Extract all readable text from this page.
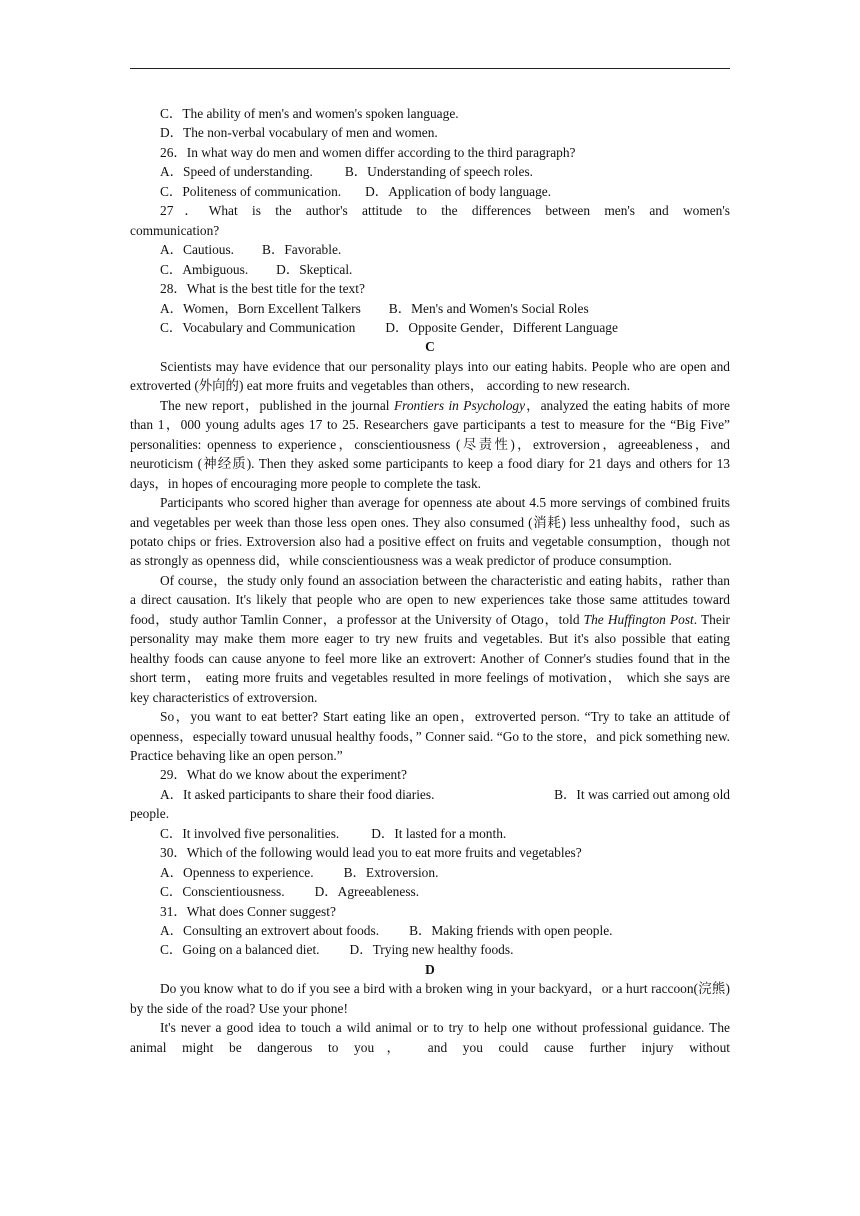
C．The ability of men's and women's spoken language.
D．The non-verbal vocabulary of men and women.
26．In what way do men and women differ according to the third paragraph?
A．Speed of understanding. B．Understanding of speech roles.
C．Politeness of communication. D．Application of body language.
27．What is the author's attitude to the differences between men's and women's
communication?
A．Cautious. B．Favorable.
C．Ambiguous. D．Skeptical.
28．What is the best title for the text?
A．Women，Born Excellent Talkers B．Men's and Women's Social Roles
C．Vocabulary and Communication D．Opposite Gender，Different Language
C
Scientists may have evidence that our personality plays into our eating habits. People who are open and extroverted (外向的) eat more fruits and vegetables than others， according to new research.
The new report，published in the journal Frontiers in Psychology，analyzed the eating habits of more than 1，000 young adults ages 17 to 25. Researchers gave participants a test to measure for the “Big Five” personalities: openness to experience，conscientiousness (尽责性)，extroversion，agreeableness，and neuroticism (神经质). Then they asked some participants to keep a food diary for 21 days and others for 13 days，in hopes of encouraging more people to complete the task.
Participants who scored higher than average for openness ate about 4.5 more servings of combined fruits and vegetables per week than those less open ones. They also consumed (消耗) less unhealthy food，such as potato chips or fries. Extroversion also had a positive effect on fruits and vegetable consumption，though not as strongly as openness did，while conscientiousness was a weak predictor of produce consumption.
Of course，the study only found an association between the characteristic and eating habits，rather than a direct causation. It's likely that people who are open to new experiences take those same attitudes toward food，study author Tamlin Conner，a professor at the University of Otago，told The Huffington Post. Their personality may make them more eager to try new fruits and vegetables. But it's also possible that eating healthy foods can cause anyone to feel more like an extrovert: Another of Conner's studies found that in the short term， eating more fruits and vegetables resulted in more feelings of motivation， which she says are key characteristics of extroversion.
So，you want to eat better? Start eating like an open，extroverted person. “Try to take an attitude of openness，especially toward unusual healthy foods，” Conner said. “Go to the store，and pick something new. Practice behaving like an open person.”
29．What do we know about the experiment?
A．It asked participants to share their food diaries.	B．It was carried out among old
people.
C．It involved five personalities. D．It lasted for a month.
30．Which of the following would lead you to eat more fruits and vegetables?
A．Openness to experience. B．Extroversion.
C．Conscientiousness. D．Agreeableness.
31．What does Conner suggest?
A．Consulting an extrovert about foods. B．Making friends with open people.
C．Going on a balanced diet. D．Trying new healthy foods.
D
Do you know what to do if you see a bird with a broken wing in your backyard，or a hurt raccoon(浣熊) by the side of the road? Use your phone!
It's never a good idea to touch a wild animal or to try to help one without professional guidance. The animal might be dangerous to you， and you could cause further injury without
